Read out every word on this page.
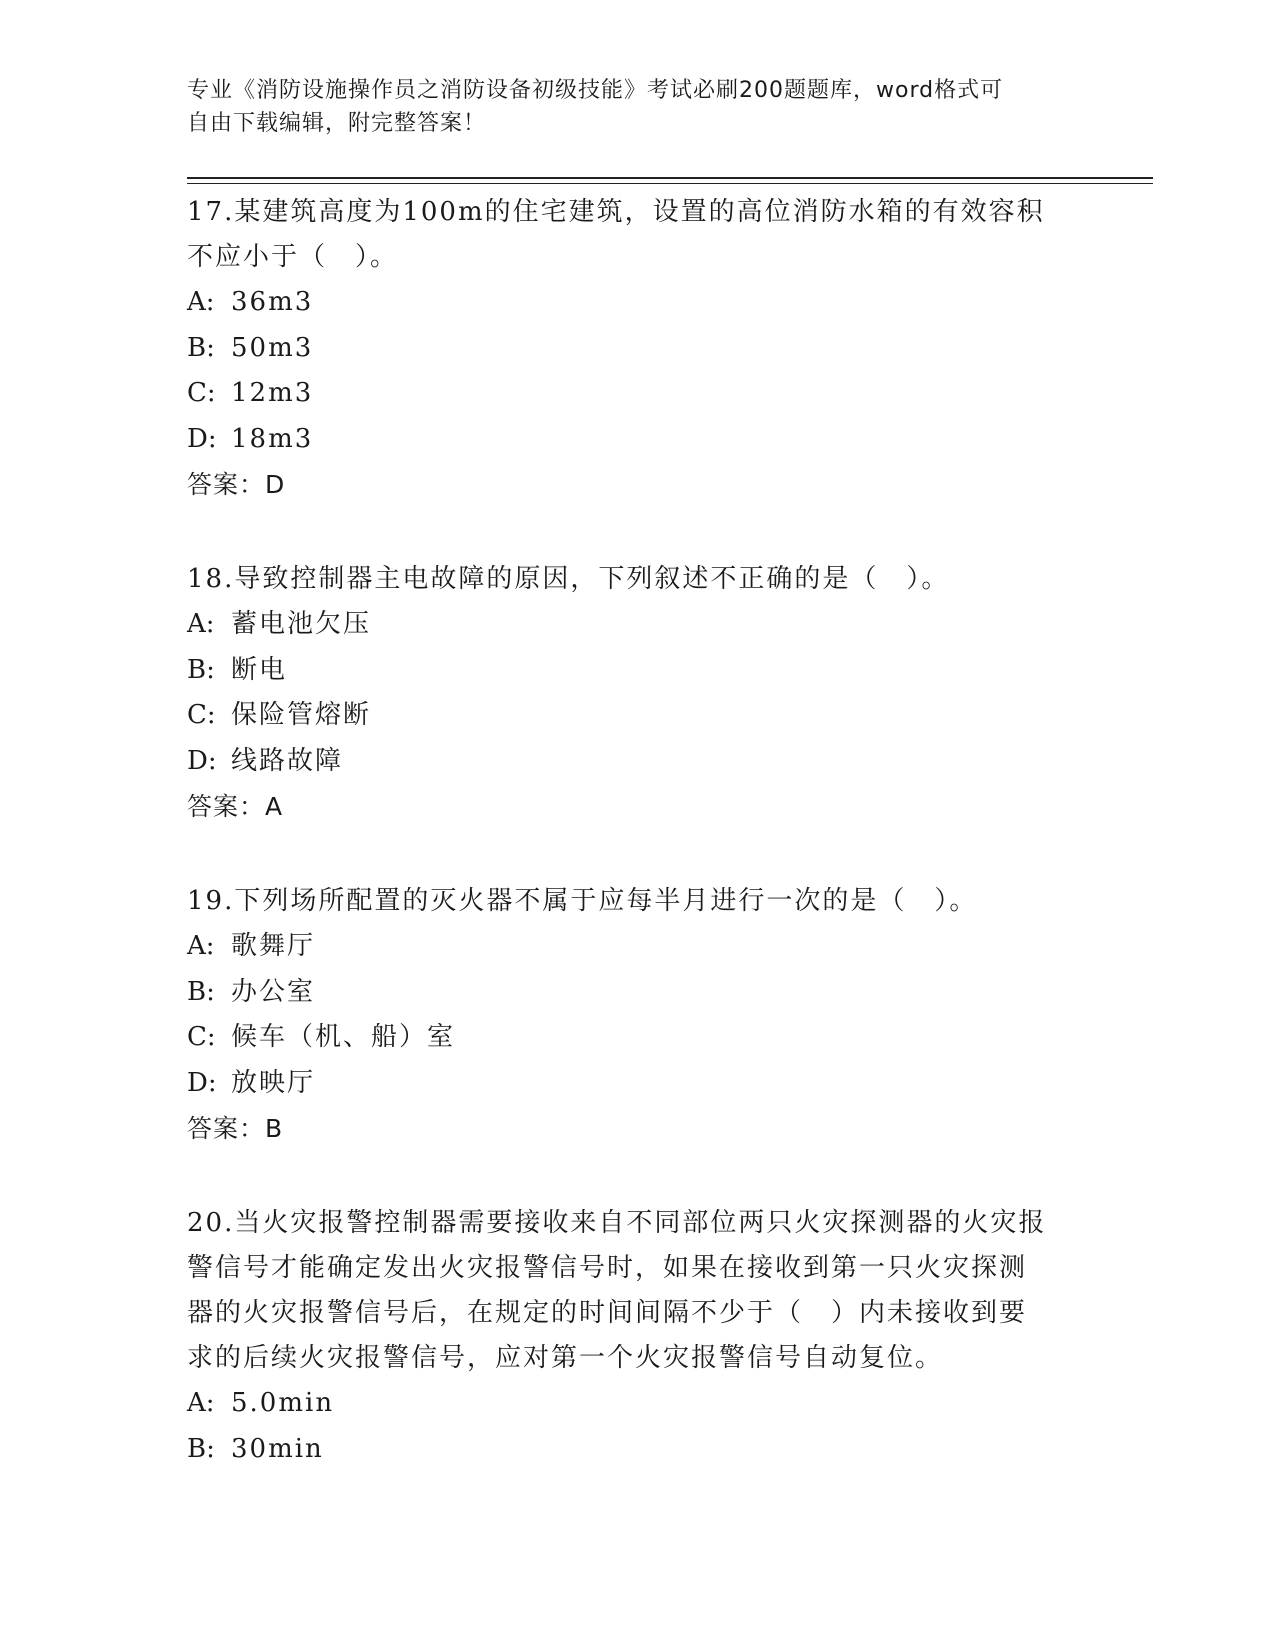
专业《消防设施操作员之消防设备初级技能》考试必刷200题题库，word格式可
自由下载编辑，附完整答案！
17.某建筑高度为100m的住宅建筑，设置的高位消防水箱的有效容积
不应小于（　）。
A: 36m3
B: 50m3
C: 12m3
D: 18m3
答案：D
18.导致控制器主电故障的原因，下列叙述不正确的是（　）。
A: 蓄电池欠压
B: 断电
C: 保险管熔断
D: 线路故障
答案：A
19.下列场所配置的灭火器不属于应每半月进行一次的是（　）。
A: 歌舞厅
B: 办公室
C: 候车（机、船）室
D: 放映厅
答案：B
20.当火灾报警控制器需要接收来自不同部位两只火灾探测器的火灾报
警信号才能确定发出火灾报警信号时，如果在接收到第一只火灾探测
器的火灾报警信号后，在规定的时间间隔不少于（　）内未接收到要
求的后续火灾报警信号，应对第一个火灾报警信号自动复位。
A: 5.0min
B: 30min
